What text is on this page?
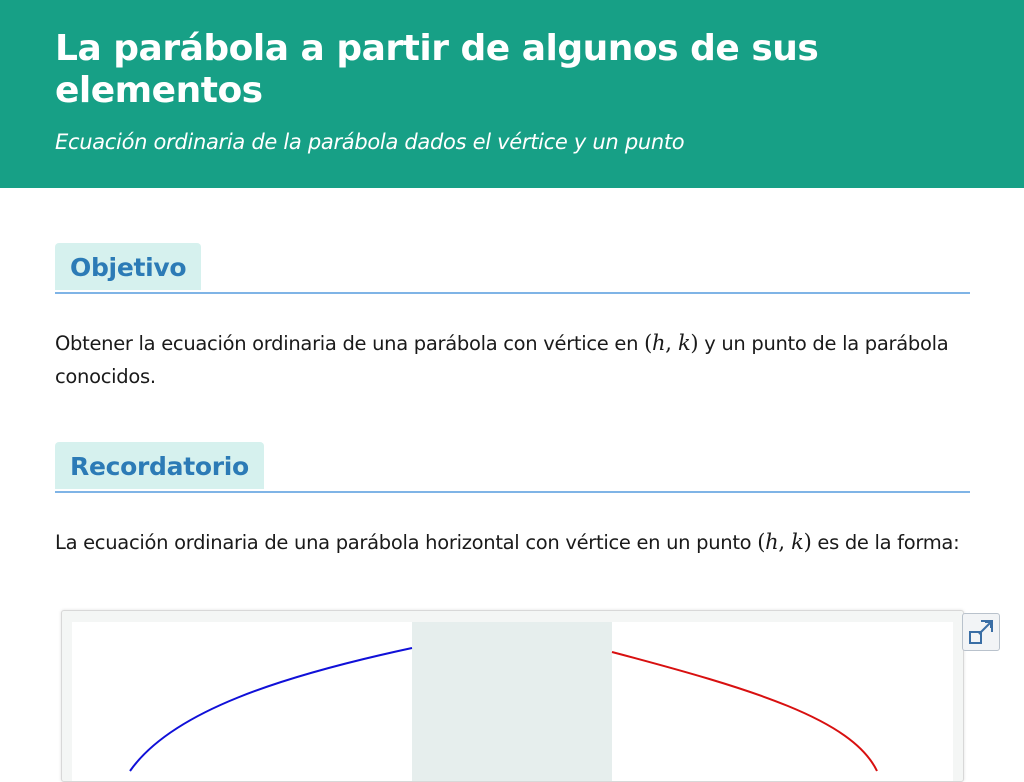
La parábola a partir de algunos de sus elementos

Ecuación ordinaria de la parábola dados el vértice y un punto

Objetivo

Obtener la ecuación ordinaria de una parábola con vértice en (h, k) y un punto de la parábola conocidos.

Recordatorio

La ecuación ordinaria de una parábola horizontal con vértice en un punto (h, k) es de la forma:
